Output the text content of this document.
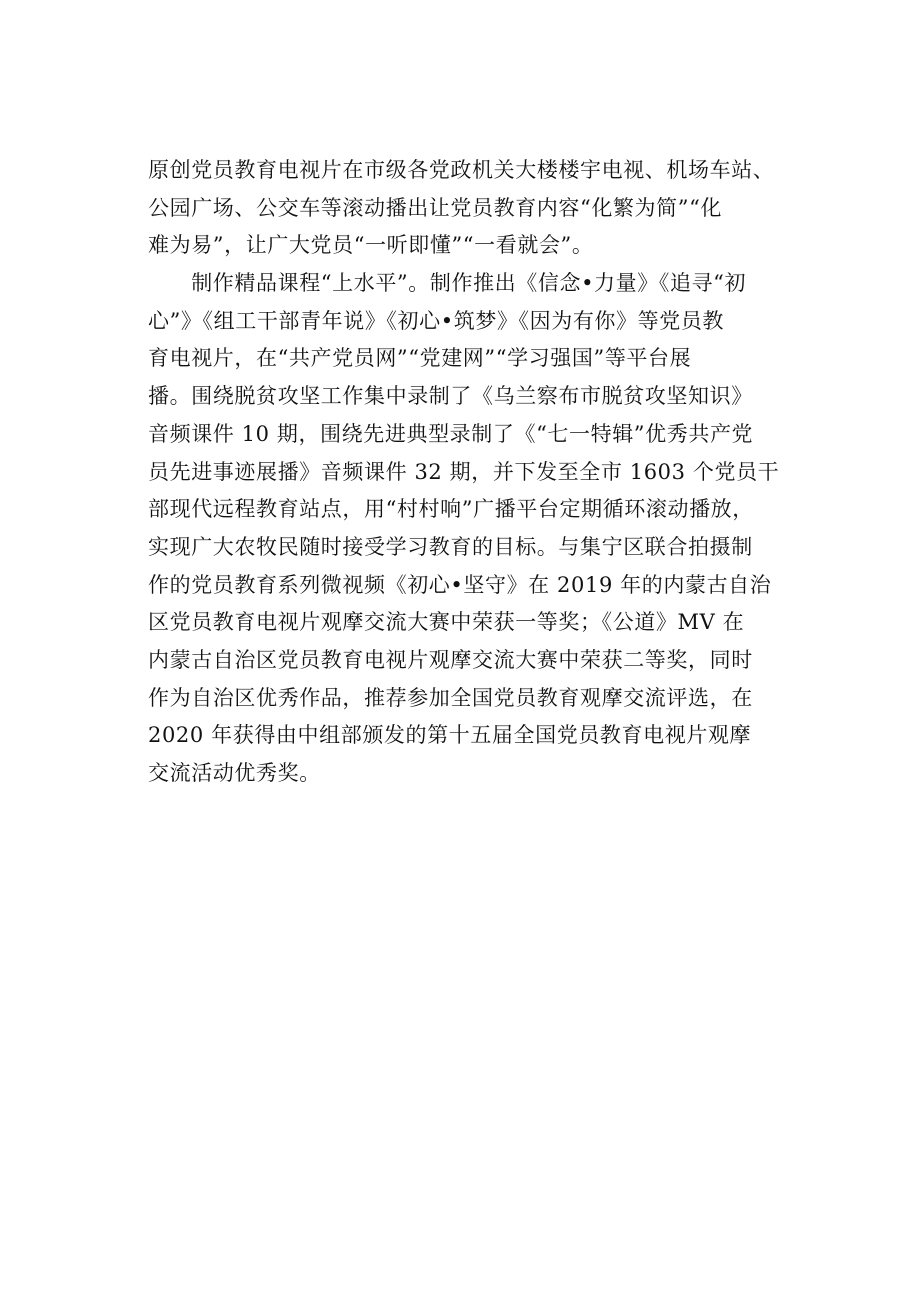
原创党员教育电视片在市级各党政机关大楼楼宇电视、机场车站、
公园广场、公交车等滚动播出让党员教育内容“化繁为简”“化
难为易”，让广大党员“一听即懂”“一看就会”。
　　制作精品课程“上水平”。制作推出《信念•力量》《追寻“初
心”》《组工干部青年说》《初心•筑梦》《因为有你》等党员教
育电视片，在“共产党员网”“党建网”“学习强国”等平台展
播。围绕脱贫攻坚工作集中录制了《乌兰察布市脱贫攻坚知识》
音频课件 10 期，围绕先进典型录制了《“七一特辑”优秀共产党
员先进事迹展播》音频课件 32 期，并下发至全市 1603 个党员干
部现代远程教育站点，用“村村响”广播平台定期循环滚动播放，
实现广大农牧民随时接受学习教育的目标。与集宁区联合拍摄制
作的党员教育系列微视频《初心•坚守》在 2019 年的内蒙古自治
区党员教育电视片观摩交流大赛中荣获一等奖；《公道》MV 在
内蒙古自治区党员教育电视片观摩交流大赛中荣获二等奖，同时
作为自治区优秀作品，推荐参加全国党员教育观摩交流评选，在
2020 年获得由中组部颁发的第十五届全国党员教育电视片观摩
交流活动优秀奖。
